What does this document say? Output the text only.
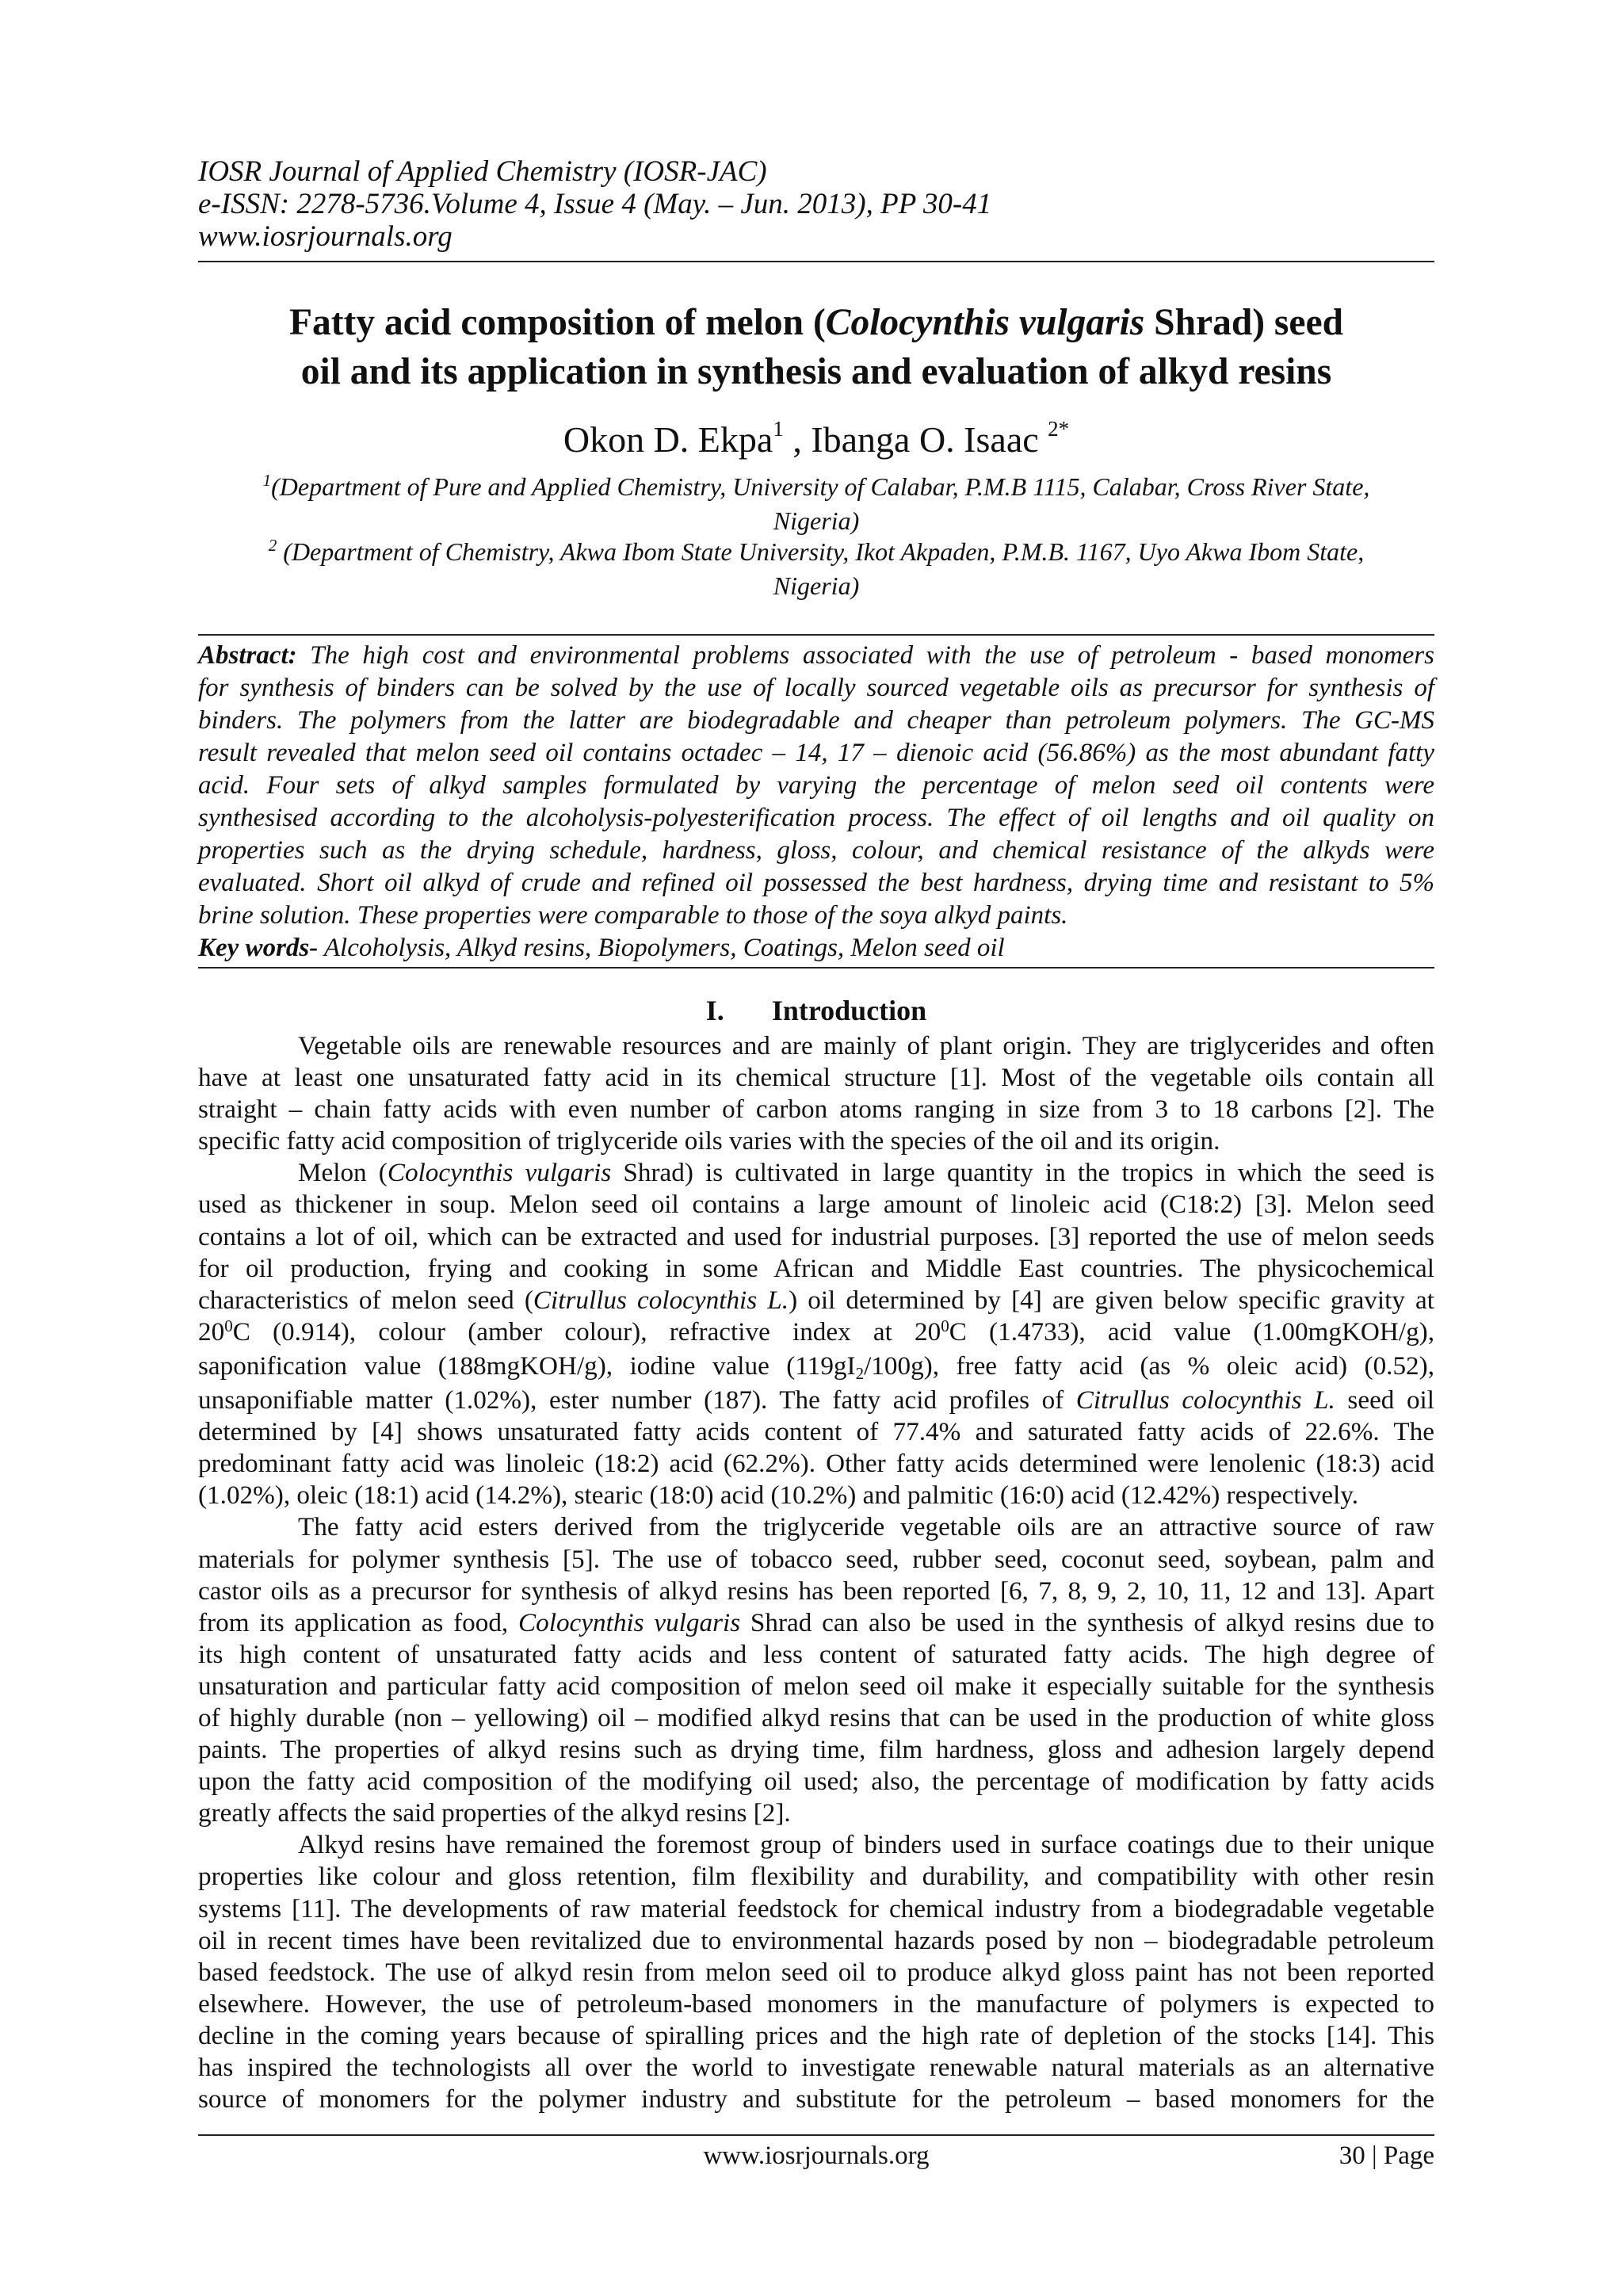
IOSR Journal of Applied Chemistry (IOSR-JAC)
e-ISSN: 2278-5736.Volume 4, Issue 4 (May. – Jun. 2013), PP 30-41
www.iosrjournals.org
Fatty acid composition of melon (Colocynthis vulgaris Shrad) seed
oil and its application in synthesis and evaluation of alkyd resins
Okon D. Ekpa$^1$ , Ibanga O. Isaac $^{2*}$
$^1$(Department of Pure and Applied Chemistry, University of Calabar, P.M.B 1115, Calabar, Cross River State,
Nigeria)
$^2$ (Department of Chemistry, Akwa Ibom State University, Ikot Akpaden, P.M.B. 1167, Uyo Akwa Ibom State,
Nigeria)
Abstract: The high cost and environmental problems associated with the use of petroleum - based monomers
for synthesis of binders can be solved by the use of locally sourced vegetable oils as precursor for synthesis of
binders. The polymers from the latter are biodegradable and cheaper than petroleum polymers. The GC-MS
result revealed that melon seed oil contains octadec – 14, 17 – dienoic acid (56.86%) as the most abundant fatty
acid. Four sets of alkyd samples formulated by varying the percentage of melon seed oil contents were
synthesised according to the alcoholysis-polyesterification process. The effect of oil lengths and oil quality on
properties such as the drying schedule, hardness, gloss, colour, and chemical resistance of the alkyds were
evaluated. Short oil alkyd of crude and refined oil possessed the best hardness, drying time and resistant to 5%
brine solution. These properties were comparable to those of the soya alkyd paints.
Key words- Alcoholysis, Alkyd resins, Biopolymers, Coatings, Melon seed oil
I. Introduction
Vegetable oils are renewable resources and are mainly of plant origin. They are triglycerides and often
have at least one unsaturated fatty acid in its chemical structure [1]. Most of the vegetable oils contain all
straight – chain fatty acids with even number of carbon atoms ranging in size from 3 to 18 carbons [2]. The
specific fatty acid composition of triglyceride oils varies with the species of the oil and its origin.
Melon (Colocynthis vulgaris Shrad) is cultivated in large quantity in the tropics in which the seed is
used as thickener in soup. Melon seed oil contains a large amount of linoleic acid (C18:2) [3]. Melon seed
contains a lot of oil, which can be extracted and used for industrial purposes. [3] reported the use of melon seeds
for oil production, frying and cooking in some African and Middle East countries. The physicochemical
characteristics of melon seed (Citrullus colocynthis L.) oil determined by [4] are given below specific gravity at
$20^0C$ (0.914), colour (amber colour), refractive index at $20^0C$ (1.4733), acid value (1.00mgKOH/g),
saponification value (188mgKOH/g), iodine value $(119gI_2/100g)$, free fatty acid (as % oleic acid) (0.52),
unsaponifiable matter (1.02%), ester number (187). The fatty acid profiles of Citrullus colocynthis L. seed oil
determined by [4] shows unsaturated fatty acids content of 77.4% and saturated fatty acids of 22.6%. The
predominant fatty acid was linoleic (18:2) acid (62.2%). Other fatty acids determined were lenolenic (18:3) acid
(1.02%), oleic (18:1) acid (14.2%), stearic (18:0) acid (10.2%) and palmitic (16:0) acid (12.42%) respectively.
The fatty acid esters derived from the triglyceride vegetable oils are an attractive source of raw
materials for polymer synthesis [5]. The use of tobacco seed, rubber seed, coconut seed, soybean, palm and
castor oils as a precursor for synthesis of alkyd resins has been reported [6, 7, 8, 9, 2, 10, 11, 12 and 13]. Apart
from its application as food, Colocynthis vulgaris Shrad can also be used in the synthesis of alkyd resins due to
its high content of unsaturated fatty acids and less content of saturated fatty acids. The high degree of
unsaturation and particular fatty acid composition of melon seed oil make it especially suitable for the synthesis
of highly durable (non – yellowing) oil – modified alkyd resins that can be used in the production of white gloss
paints. The properties of alkyd resins such as drying time, film hardness, gloss and adhesion largely depend
upon the fatty acid composition of the modifying oil used; also, the percentage of modification by fatty acids
greatly affects the said properties of the alkyd resins [2].
Alkyd resins have remained the foremost group of binders used in surface coatings due to their unique
properties like colour and gloss retention, film flexibility and durability, and compatibility with other resin
systems [11]. The developments of raw material feedstock for chemical industry from a biodegradable vegetable
oil in recent times have been revitalized due to environmental hazards posed by non – biodegradable petroleum
based feedstock. The use of alkyd resin from melon seed oil to produce alkyd gloss paint has not been reported
elsewhere. However, the use of petroleum-based monomers in the manufacture of polymers is expected to
decline in the coming years because of spiralling prices and the high rate of depletion of the stocks [14]. This
has inspired the technologists all over the world to investigate renewable natural materials as an alternative
source of monomers for the polymer industry and substitute for the petroleum – based monomers for the
www.iosrjournals.org	30 | Page
